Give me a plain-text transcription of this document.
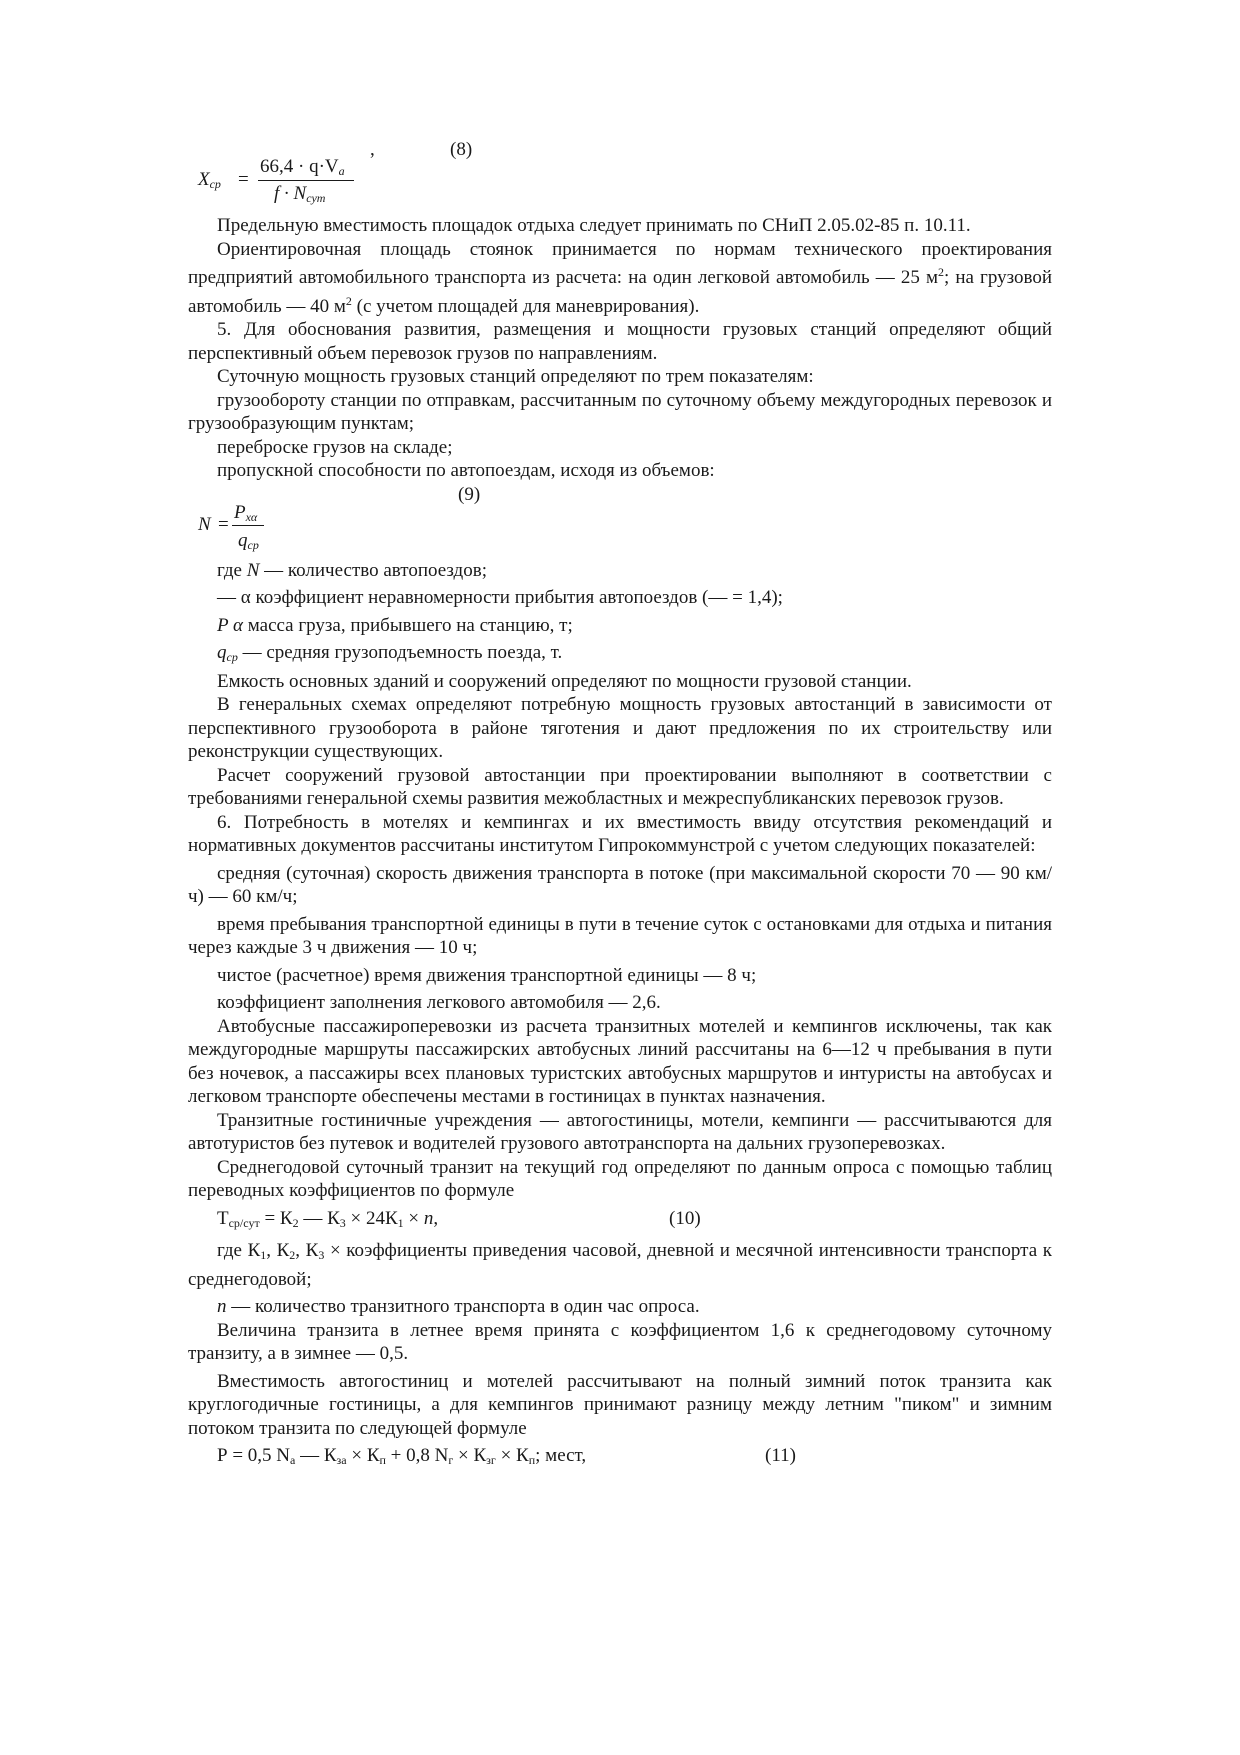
$X_{ср}$ =
$66,4 \cdot q\cdot V_a$
$f \cdot N_{сут}$
,	(8)

Предельную вместимость площадок отдыха следует принимать по СНиП 2.05.02-85 п. 10.11.

Ориентировочная площадь стоянок принимается по нормам технического проектирования предприятий автомобильного транспорта из расчета: на один легковой автомобиль — 25 $м^2$; на грузовой автомобиль — 40 $м^2$ (с учетом площадей для маневрирования).

5. Для обоснования развития, размещения и мощности грузовых станций определяют общий перспективный объем перевозок грузов по направлениям.

Суточную мощность грузовых станций определяют по трем показателям:

грузообороту станции по отправкам, рассчитанным по суточному объему междугородных перевозок и грузообразующим пунктам;

переброске грузов на складе;

пропускной способности по автопоездам, исходя из объемов:

(9)
N =
$P_{x\alpha}$
$q_{ср}$

где N — количество автопоездов;

— α коэффициент неравномерности прибытия автопоездов (— = 1,4);

P α масса груза, прибывшего на станцию, т;

$q_{ср}$ — средняя грузоподъемность поезда, т.

Емкость основных зданий и сооружений определяют по мощности грузовой станции.

В генеральных схемах определяют потребную мощность грузовых автостанций в зависимости от перспективного грузооборота в районе тяготения и дают предложения по их строительству или реконструкции существующих.

Расчет сооружений грузовой автостанции при проектировании выполняют в соответствии с требованиями генеральной схемы развития межобластных и межреспубликанских перевозок грузов.

6. Потребность в мотелях и кемпингах и их вместимость ввиду отсутствия рекомендаций и нормативных документов рассчитаны институтом Гипрокоммунстрой с учетом следующих показателей:

средняя (суточная) скорость движения транспорта в потоке (при максимальной скорости 70 — 90 км/ч) — 60 км/ч;

время пребывания транспортной единицы в пути в течение суток с остановками для отдыха и питания через каждые 3 ч движения — 10 ч;

чистое (расчетное) время движения транспортной единицы — 8 ч;

коэффициент заполнения легкового автомобиля — 2,6.

Автобусные пассажироперевозки из расчета транзитных мотелей и кемпингов исключены, так как междугородные маршруты пассажирских автобусных линий рассчитаны на 6—12 ч пребывания в пути без ночевок, а пассажиры всех плановых туристских автобусных маршрутов и интуристы на автобусах и легковом транспорте обеспечены местами в гостиницах в пунктах назначения.

Транзитные гостиничные учреждения — автогостиницы, мотели, кемпинги — рассчитываются для автотуристов без путевок и водителей грузового автотранспорта на дальних грузоперевозках.

Среднегодовой суточный транзит на текущий год определяют по данным опроса с помощью таблиц переводных коэффициентов по формуле

$Т_{ср/сут} = К_2$ — $К_3 \times 24К_1 \times n$,	(10)

где $К_1$, $К_2$, $К_3$ × коэффициенты приведения часовой, дневной и месячной интенсивности транспорта к среднегодовой;

n — количество транзитного транспорта в один час опроса.

Величина транзита в летнее время принята с коэффициентом 1,6 к среднегодовому суточному транзиту, а в зимнее — 0,5.

Вместимость автогостиниц и мотелей рассчитывают на полный зимний поток транзита как круглогодичные гостиницы, а для кемпингов принимают разницу между летним "пиком" и зимним потоком транзита по следующей формуле

Р = 0,5 $N_а$ — $К_{за} \times К_п + 0,8$ $N_г \times К_{зг} \times К_п$; мест,	(11)
